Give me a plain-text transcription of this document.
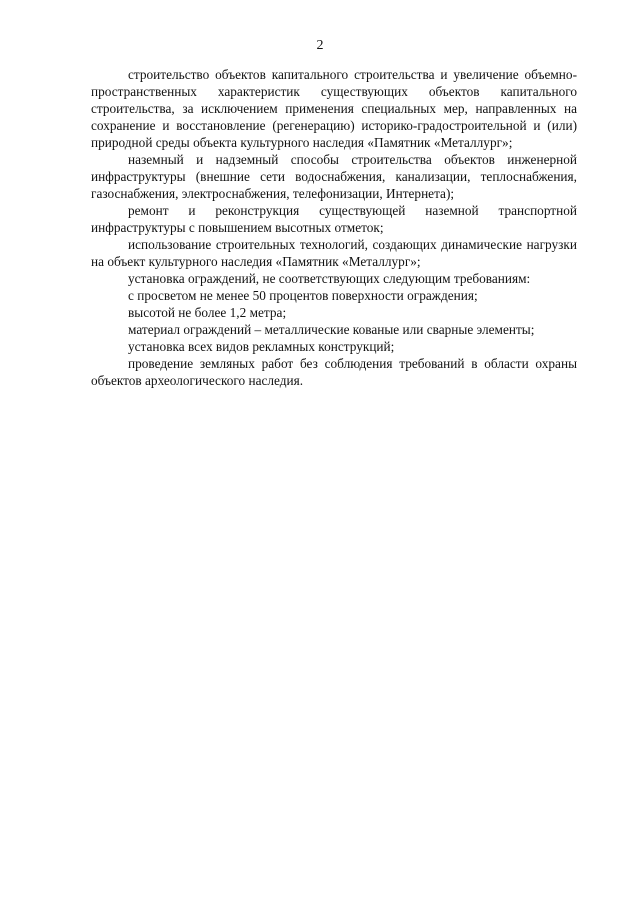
2

строительство объектов капитального строительства и увеличение объемно-пространственных характеристик существующих объектов капитального строительства, за исключением применения специальных мер, направленных на сохранение и восстановление (регенерацию) историко-градостроительной и (или) природной среды объекта культурного наследия «Памятник «Металлург»;

наземный и надземный способы строительства объектов инженерной инфраструктуры (внешние сети водоснабжения, канализации, теплоснабжения, газоснабжения, электроснабжения, телефонизации, Интернета);

ремонт и реконструкция существующей наземной транспортной инфраструктуры с повышением высотных отметок;

использование строительных технологий, создающих динамические нагрузки на объект культурного наследия «Памятник «Металлург»;

установка ограждений, не соответствующих следующим требованиям:

с просветом не менее 50 процентов поверхности ограждения;

высотой не более 1,2 метра;

материал ограждений – металлические кованые или сварные элементы;

установка всех видов рекламных конструкций;

проведение земляных работ без соблюдения требований в области охраны объектов археологического наследия.
